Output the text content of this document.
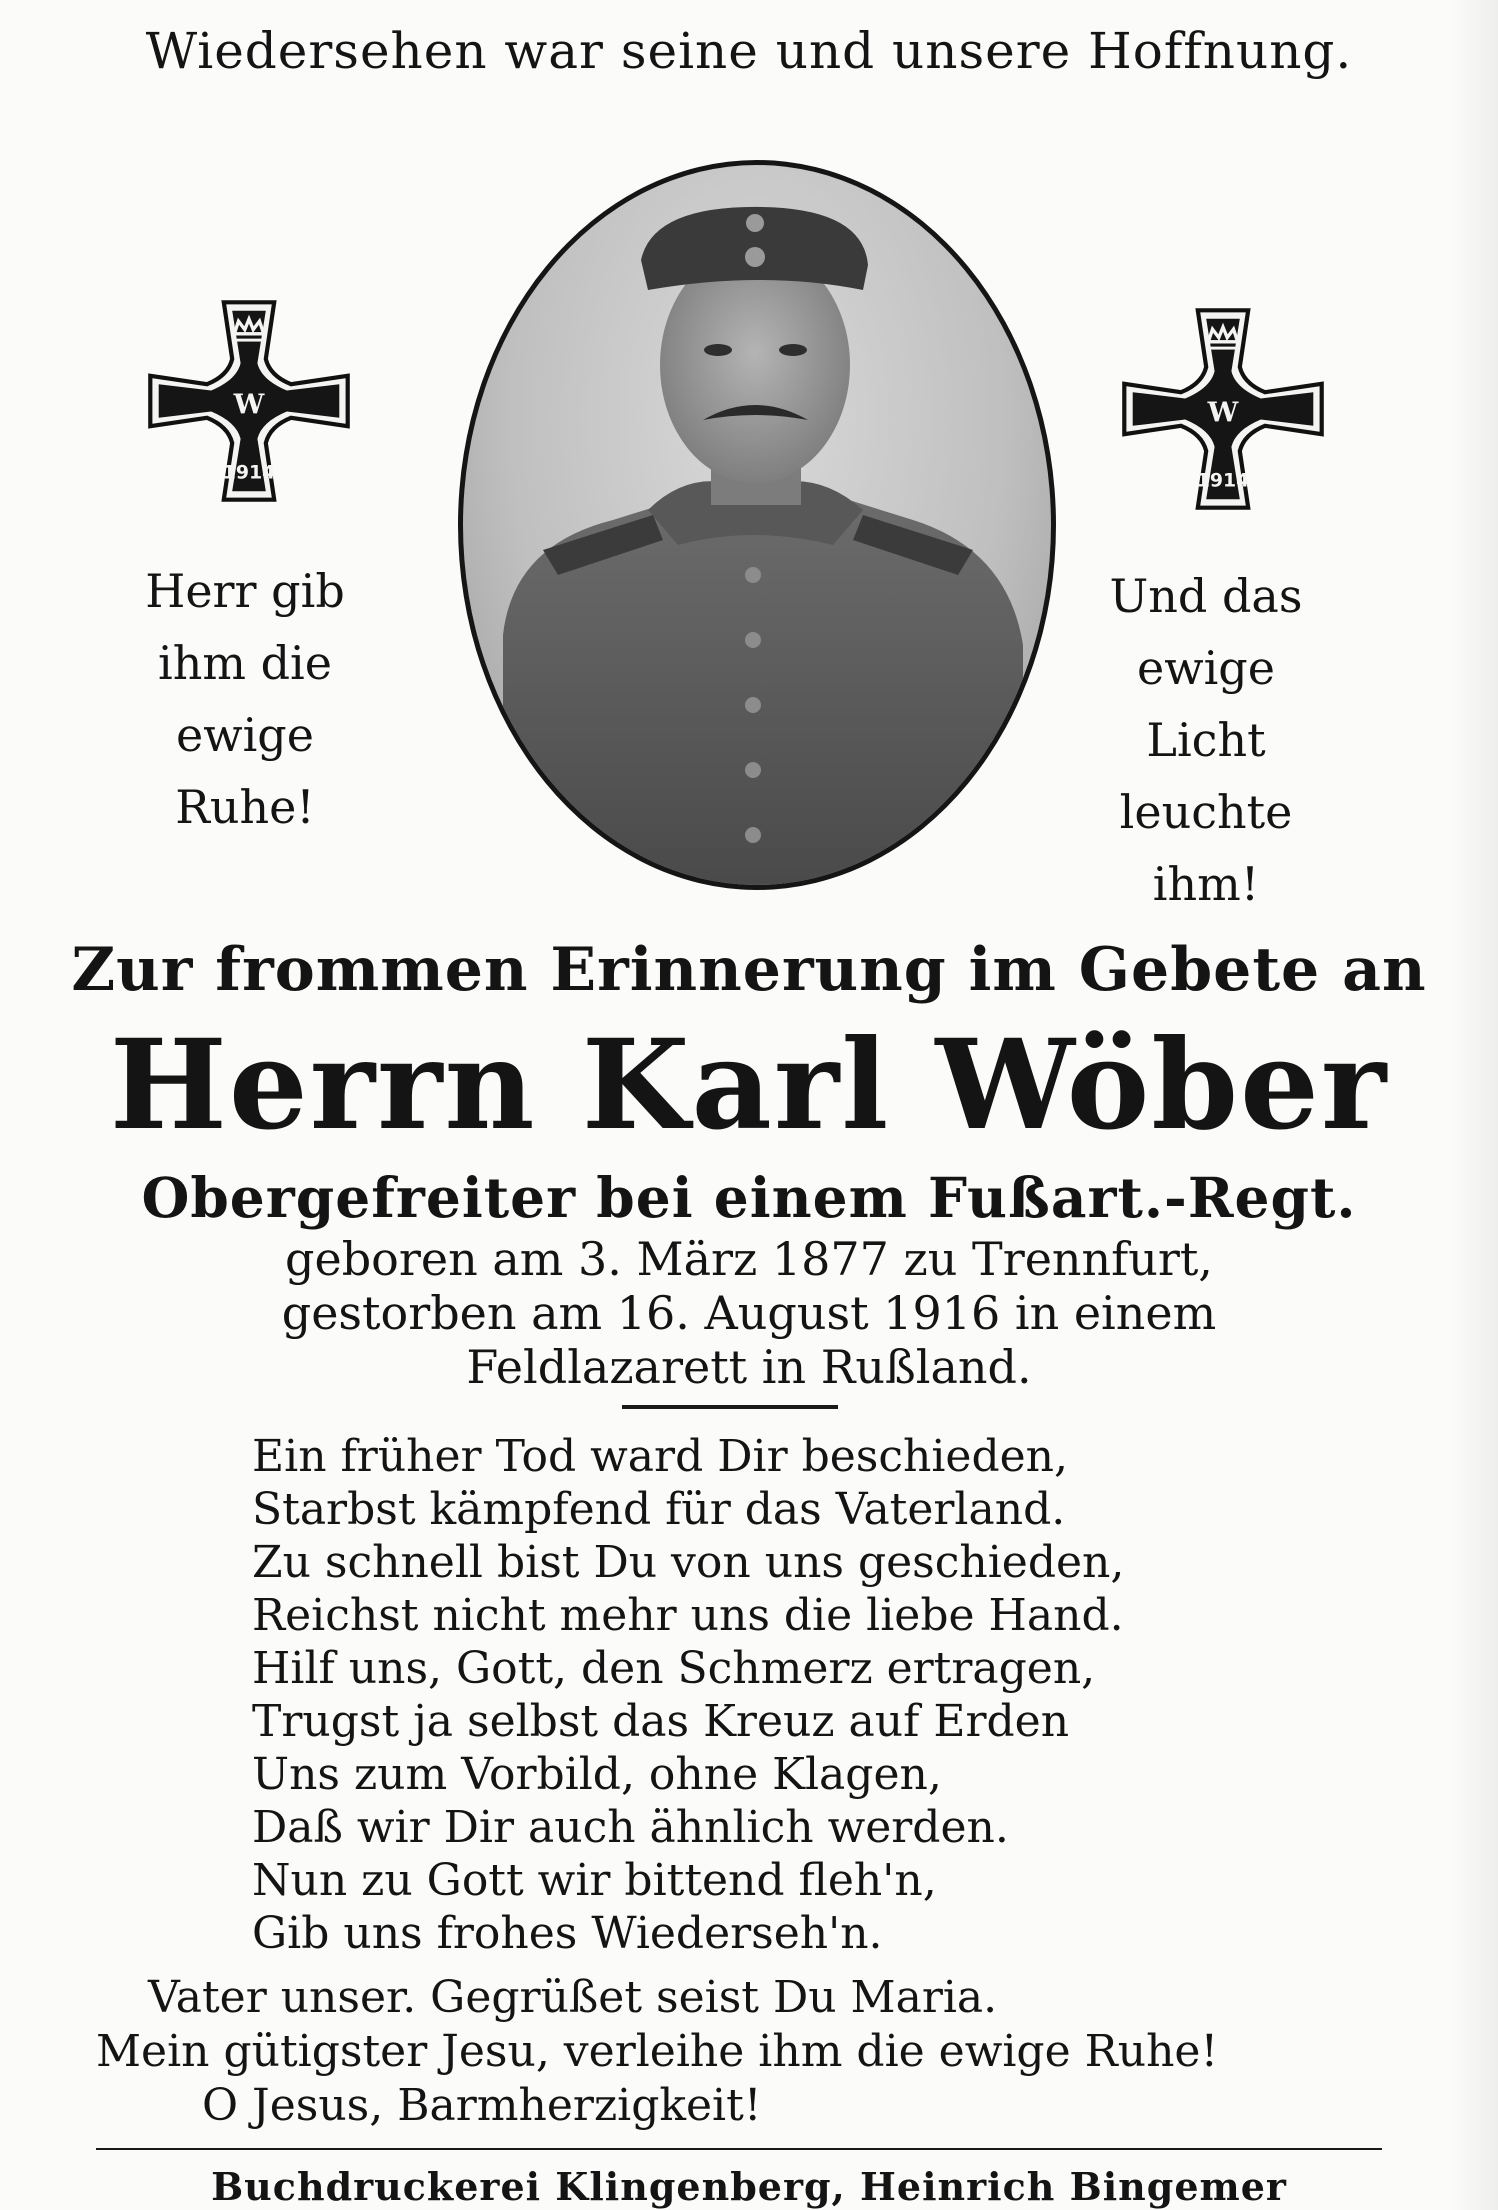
Wiedersehen war seine und unsere Hoffnung.
W
1914
W
1914
Herr gib
ihm die
ewige
Ruhe!
Und das
ewige
Licht
leuchte
ihm!
Zur frommen Erinnerung im Gebete an
Herrn Karl Wöber
Obergefreiter bei einem Fußart.-Regt.
geboren am 3. März 1877 zu Trennfurt,
gestorben am 16. August 1916 in einem
Feldlazarett in Rußland.
Ein früher Tod ward Dir beschieden,
Starbst kämpfend für das Vaterland.
Zu schnell bist Du von uns geschieden,
Reichst nicht mehr uns die liebe Hand.
Hilf uns, Gott, den Schmerz ertragen,
Trugst ja selbst das Kreuz auf Erden
Uns zum Vorbild, ohne Klagen,
Daß wir Dir auch ähnlich werden.
Nun zu Gott wir bittend fleh'n,
Gib uns frohes Wiederseh'n.
Vater unser. Gegrüßet seist Du Maria.
Mein gütigster Jesu, verleihe ihm die ewige Ruhe!
O Jesus, Barmherzigkeit!
Buchdruckerei Klingenberg, Heinrich Bingemer
